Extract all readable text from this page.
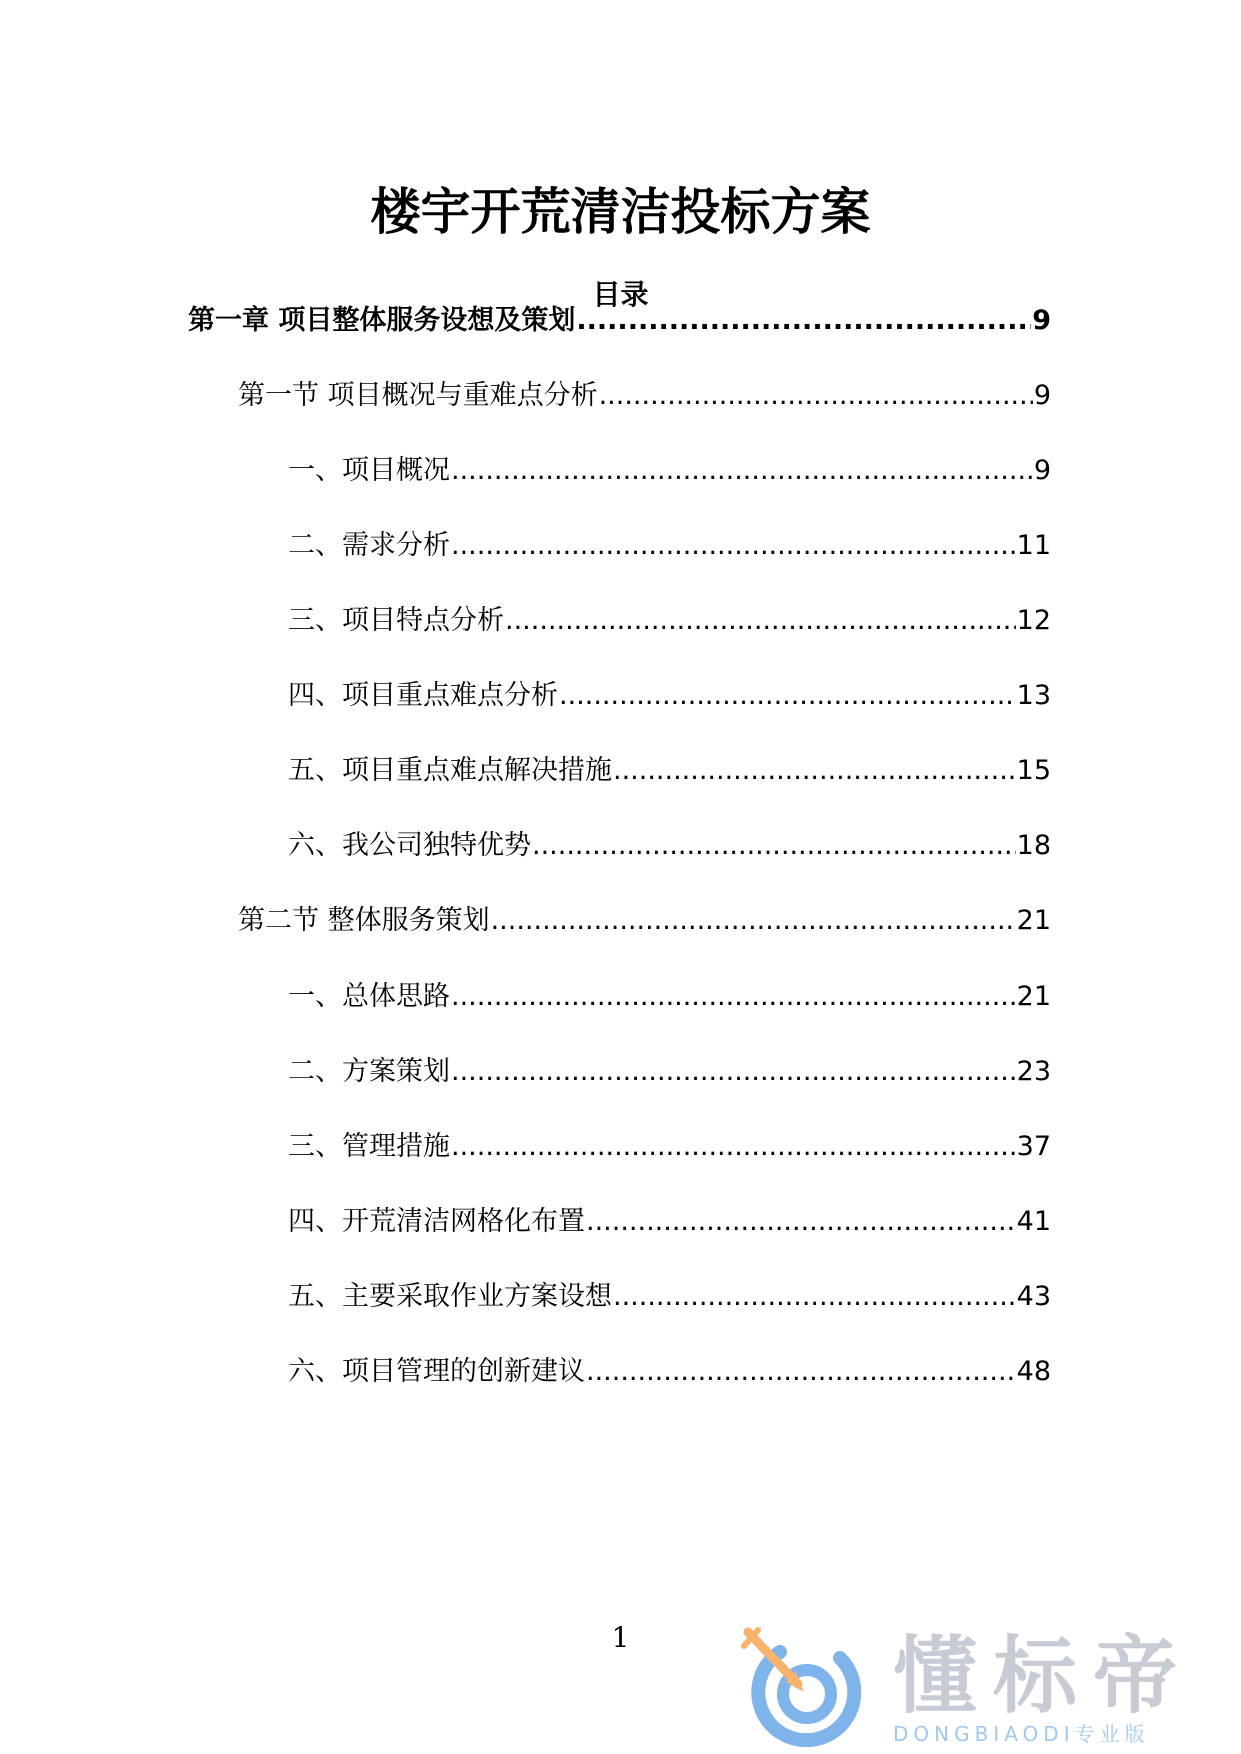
楼宇开荒清洁投标方案
目录
第一章 项目整体服务设想及策划 .....	9
第一节 项目概况与重难点分析 .....	9
一、项目概况 .....	9
二、需求分析 .....	11
三、项目特点分析 .....	12
四、项目重点难点分析 .....	13
五、项目重点难点解决措施 .....	15
六、我公司独特优势 .....	18
第二节 整体服务策划 .....	21
一、总体思路 .....	21
二、方案策划 .....	23
三、管理措施 .....	37
四、开荒清洁网格化布置 .....	41
五、主要采取作业方案设想 .....	43
六、项目管理的创新建议 .....	48
1	懂标帝
DONGBIAODI专业版
